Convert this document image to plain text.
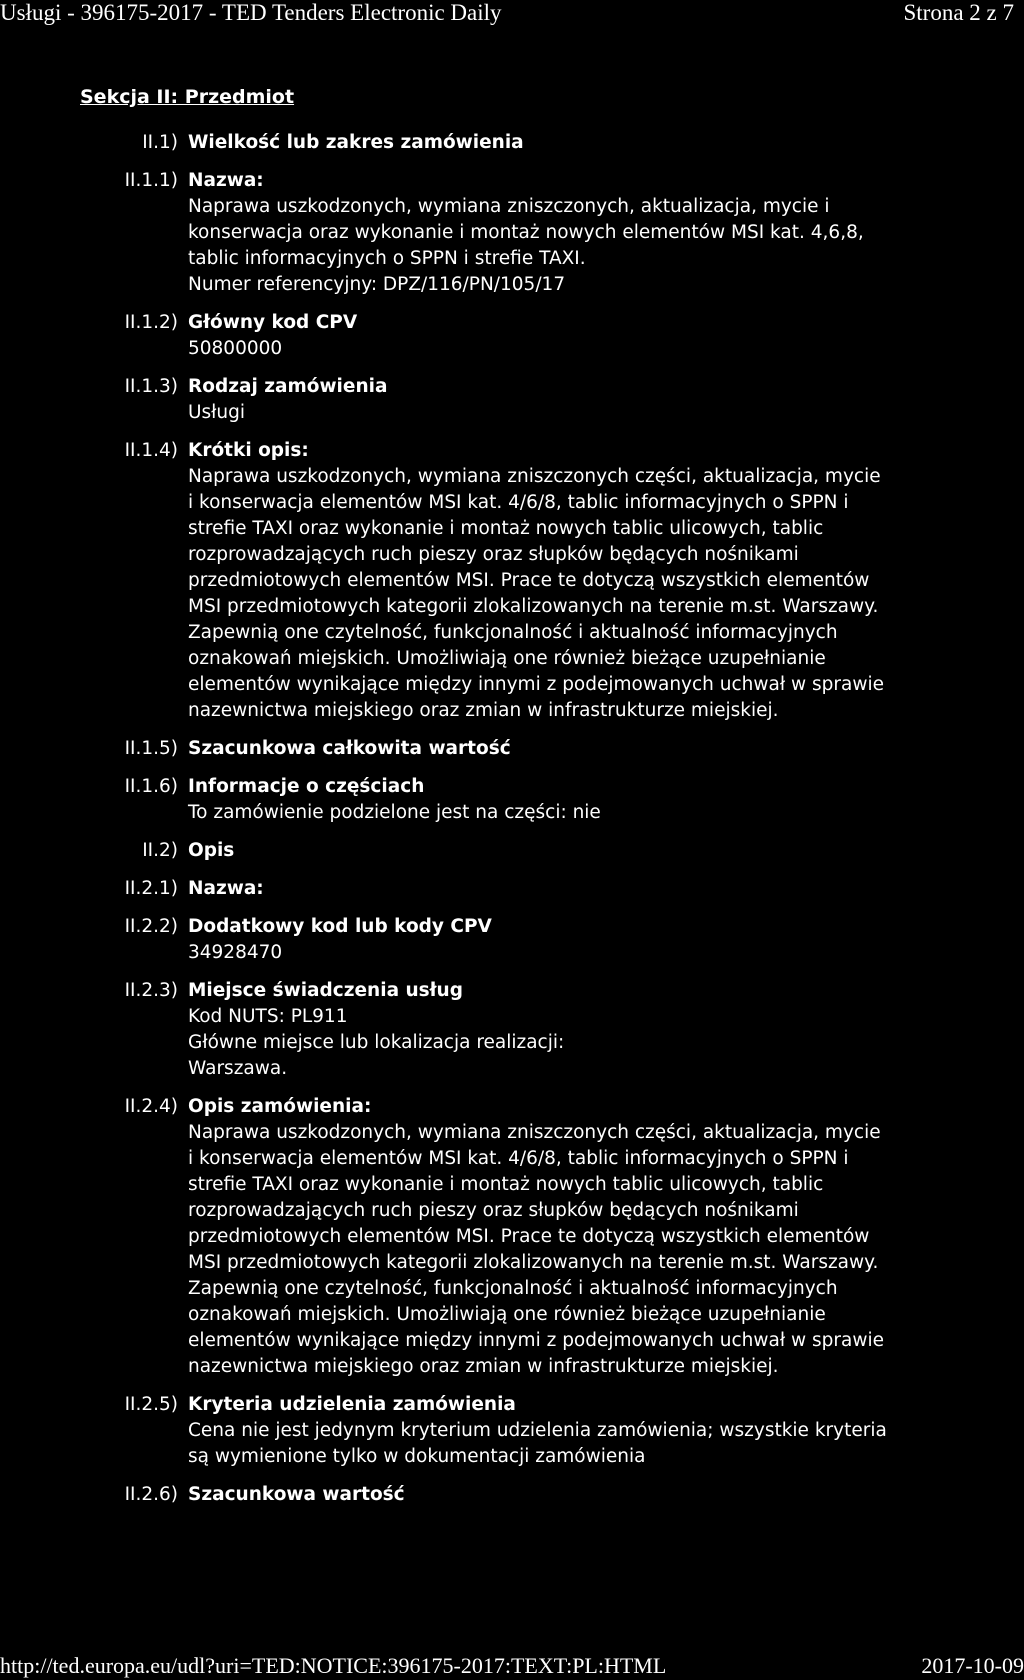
Usługi - 396175-2017 - TED Tenders Electronic Daily	Strona 2 z 7
Sekcja II: Przedmiot
II.1) Wielkość lub zakres zamówienia
II.1.1) Nazwa:
Naprawa uszkodzonych, wymiana zniszczonych, aktualizacja, mycie i
konserwacja oraz wykonanie i montaż nowych elementów MSI kat. 4,6,8,
tablic informacyjnych o SPPN i strefie TAXI.
Numer referencyjny: DPZ/116/PN/105/17
II.1.2) Główny kod CPV
50800000
II.1.3) Rodzaj zamówienia
Usługi
II.1.4) Krótki opis:
Naprawa uszkodzonych, wymiana zniszczonych części, aktualizacja, mycie
i konserwacja elementów MSI kat. 4/6/8, tablic informacyjnych o SPPN i
strefie TAXI oraz wykonanie i montaż nowych tablic ulicowych, tablic
rozprowadzających ruch pieszy oraz słupków będących nośnikami
przedmiotowych elementów MSI. Prace te dotyczą wszystkich elementów
MSI przedmiotowych kategorii zlokalizowanych na terenie m.st. Warszawy.
Zapewnią one czytelność, funkcjonalność i aktualność informacyjnych
oznakowań miejskich. Umożliwiają one również bieżące uzupełnianie
elementów wynikające między innymi z podejmowanych uchwał w sprawie
nazewnictwa miejskiego oraz zmian w infrastrukturze miejskiej.
II.1.5) Szacunkowa całkowita wartość
II.1.6) Informacje o częściach
To zamówienie podzielone jest na części: nie
II.2) Opis
II.2.1) Nazwa:
II.2.2) Dodatkowy kod lub kody CPV
34928470
II.2.3) Miejsce świadczenia usług
Kod NUTS: PL911
Główne miejsce lub lokalizacja realizacji:
Warszawa.
II.2.4) Opis zamówienia:
Naprawa uszkodzonych, wymiana zniszczonych części, aktualizacja, mycie
i konserwacja elementów MSI kat. 4/6/8, tablic informacyjnych o SPPN i
strefie TAXI oraz wykonanie i montaż nowych tablic ulicowych, tablic
rozprowadzających ruch pieszy oraz słupków będących nośnikami
przedmiotowych elementów MSI. Prace te dotyczą wszystkich elementów
MSI przedmiotowych kategorii zlokalizowanych na terenie m.st. Warszawy.
Zapewnią one czytelność, funkcjonalność i aktualność informacyjnych
oznakowań miejskich. Umożliwiają one również bieżące uzupełnianie
elementów wynikające między innymi z podejmowanych uchwał w sprawie
nazewnictwa miejskiego oraz zmian w infrastrukturze miejskiej.
II.2.5) Kryteria udzielenia zamówienia
Cena nie jest jedynym kryterium udzielenia zamówienia; wszystkie kryteria
są wymienione tylko w dokumentacji zamówienia
II.2.6) Szacunkowa wartość
http://ted.europa.eu/udl?uri=TED:NOTICE:396175-2017:TEXT:PL:HTML	2017-10-09
